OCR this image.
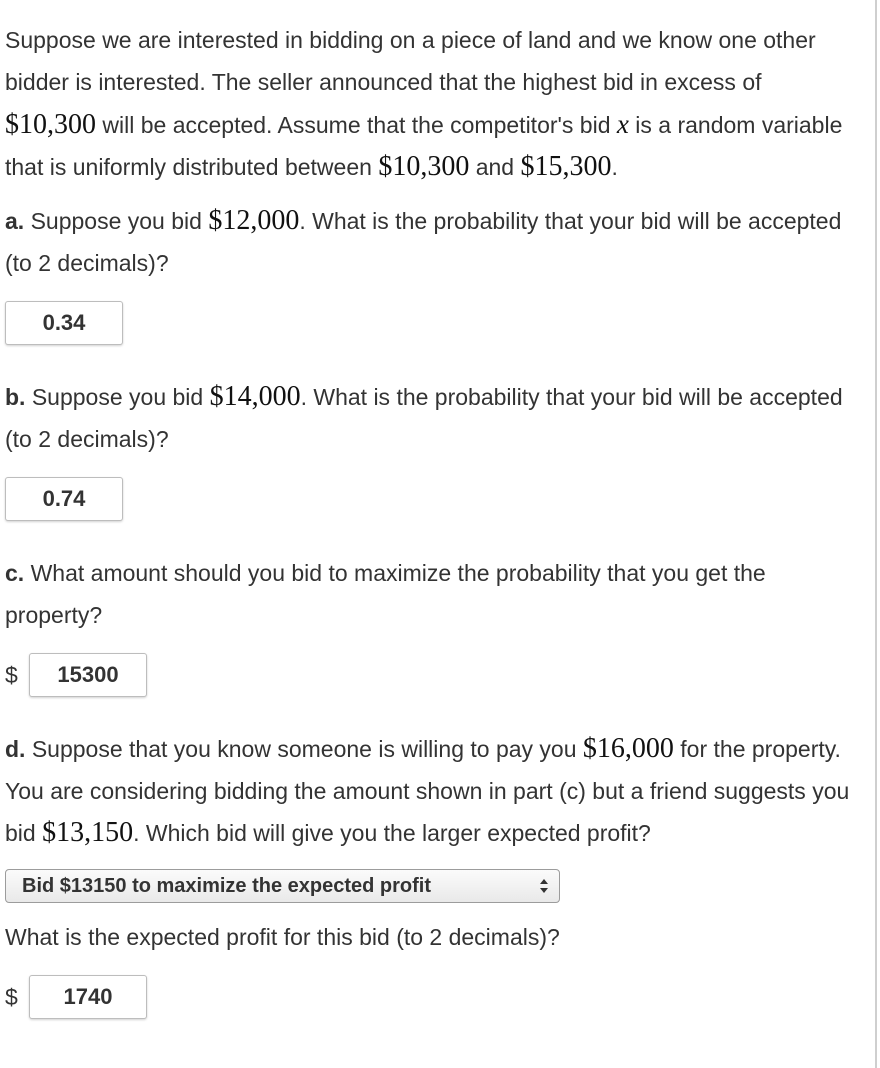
Suppose we are interested in bidding on a piece of land and we know one other bidder is interested. The seller announced that the highest bid in excess of $10,300 will be accepted. Assume that the competitor's bid x is a random variable that is uniformly distributed between $10,300 and $15,300.

a. Suppose you bid $12,000. What is the probability that your bid will be accepted (to 2 decimals)?

0.34

b. Suppose you bid $14,000. What is the probability that your bid will be accepted (to 2 decimals)?

0.74

c. What amount should you bid to maximize the probability that you get the property?

$	15300

d. Suppose that you know someone is willing to pay you $16,000 for the property. You are considering bidding the amount shown in part (c) but a friend suggests you bid $13,150. Which bid will give you the larger expected profit?

Bid $13150 to maximize the expected profit

What is the expected profit for this bid (to 2 decimals)?

$	1740
